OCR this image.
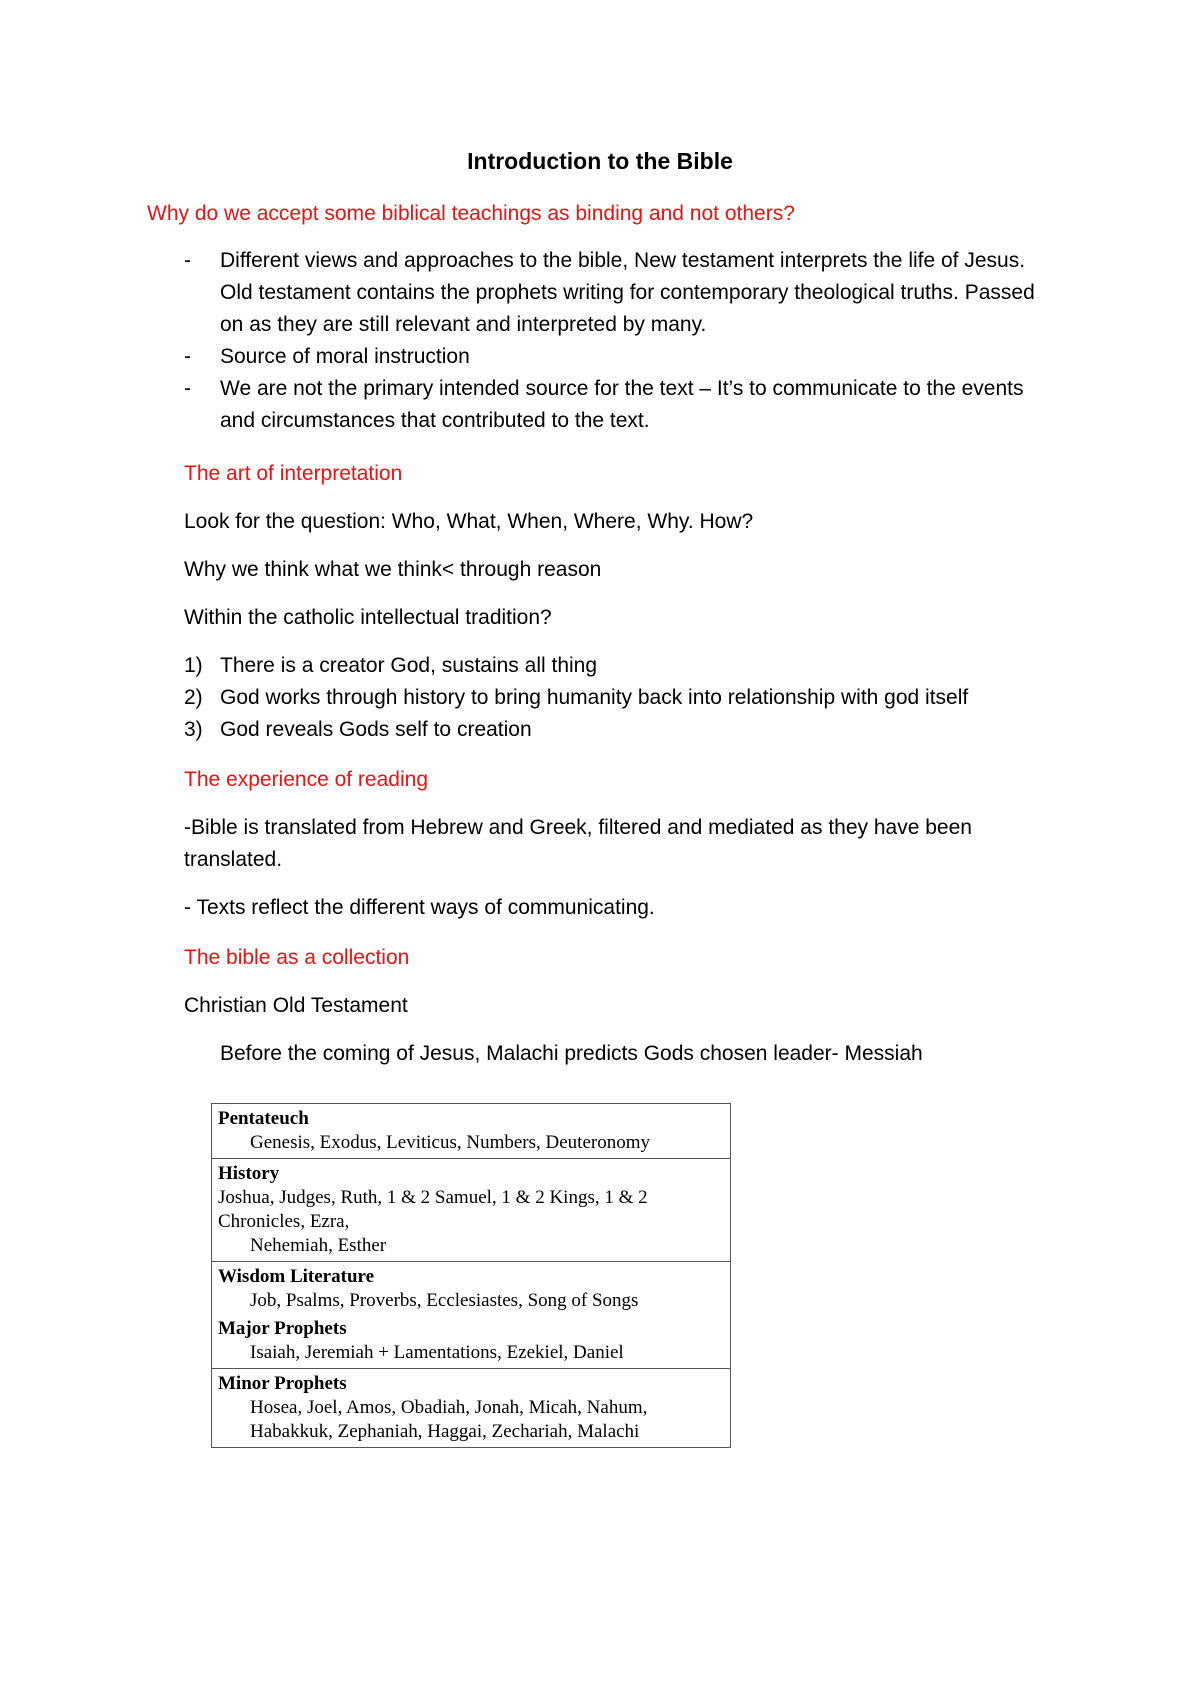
Introduction to the Bible

Why do we accept some biblical teachings as binding and not others?

- Different views and approaches to the bible, New testament interprets the life of Jesus. Old testament contains the prophets writing for contemporary theological truths. Passed on as they are still relevant and interpreted by many.
- Source of moral instruction
- We are not the primary intended source for the text – It’s to communicate to the events and circumstances that contributed to the text.

The art of interpretation

Look for the question: Who, What, When, Where, Why. How?

Why we think what we think< through reason

Within the catholic intellectual tradition?

1) There is a creator God, sustains all thing
2) God works through history to bring humanity back into relationship with god itself
3) God reveals Gods self to creation

The experience of reading

-Bible is translated from Hebrew and Greek, filtered and mediated as they have been translated.

- Texts reflect the different ways of communicating.

The bible as a collection

Christian Old Testament

Before the coming of Jesus, Malachi predicts Gods chosen leader- Messiah

Pentateuch
Genesis, Exodus, Leviticus, Numbers, Deuteronomy
History
Joshua, Judges, Ruth, 1 & 2 Samuel, 1 & 2 Kings, 1 & 2
Chronicles, Ezra,
Nehemiah, Esther
Wisdom Literature
Job, Psalms, Proverbs, Ecclesiastes, Song of Songs
Major Prophets
Isaiah, Jeremiah + Lamentations, Ezekiel, Daniel
Minor Prophets
Hosea, Joel, Amos, Obadiah, Jonah, Micah, Nahum,
Habakkuk, Zephaniah, Haggai, Zechariah, Malachi
